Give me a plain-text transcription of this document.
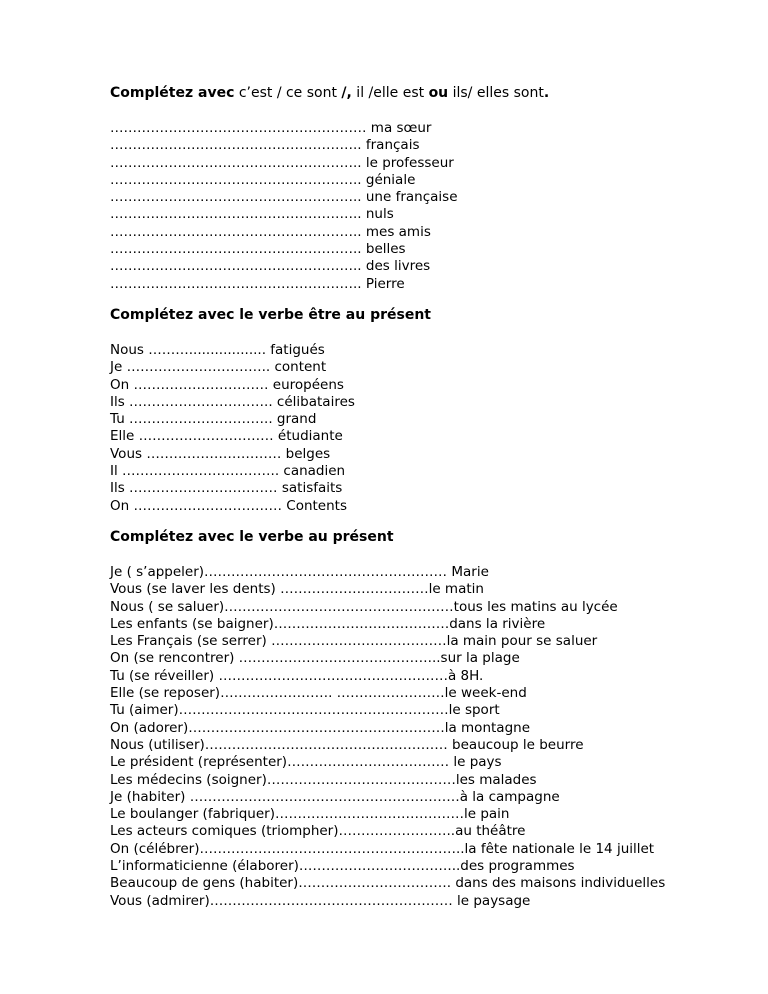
Complétez avec c’est / ce sont /, il /elle est ou ils/ elles sont.

………………………………………………… ma sœur
……………………………………………….. français
……………………………………………….. le professeur
……………………………………………….. géniale
……………………………………………….. une française
……………………………………………….. nuls
……………………………………………….. mes amis
……………………………………………….. belles
……………………………………………….. des livres
……………………………………………….. Pierre

Complétez avec le verbe être au présent

Nous ……….................. fatigués
Je ………………………….. content
On ………………………… européens
Ils ………………………….. célibataires
Tu ………………………….. grand
Elle ………………………… étudiante
Vous ………………………… belges
Il …………………………….. canadien
Ils …………………………… satisfaits
On …………………………… Contents

Complétez avec le verbe au présent

Je ( s’appeler)……………………………………………… Marie
Vous (se laver les dents) ……………………………le matin
Nous ( se saluer)……………………………………………tous les matins au lycée
Les enfants (se baigner)…………………………………dans la rivière
Les Français (se serrer) …………………………………la main pour se saluer
On (se rencontrer) ……………………………………...sur la plage
Tu (se réveiller) ……………………………………………à 8H.
Elle (se reposer)……………………. ……………………le week-end
Tu (aimer)……………………………………………………le sport
On (adorer)…………………………………………………la montagne
Nous (utiliser)……………………………………………… beaucoup le beurre
Le président (représenter)……………………………… le pays
Les médecins (soigner)……………………………………les malades
Je (habiter) ……………………………………………………à la campagne
Le boulanger (fabriquer)……………………………………le pain
Les acteurs comiques (triompher)……………………..au théâtre
On (célébrer)…………………………………………………..la fête nationale le 14 juillet
L’informaticienne (élaborer)……………………………...des programmes
Beaucoup de gens (habiter)……………………………. dans des maisons individuelles
Vous (admirer)……………………………………………… le paysage
